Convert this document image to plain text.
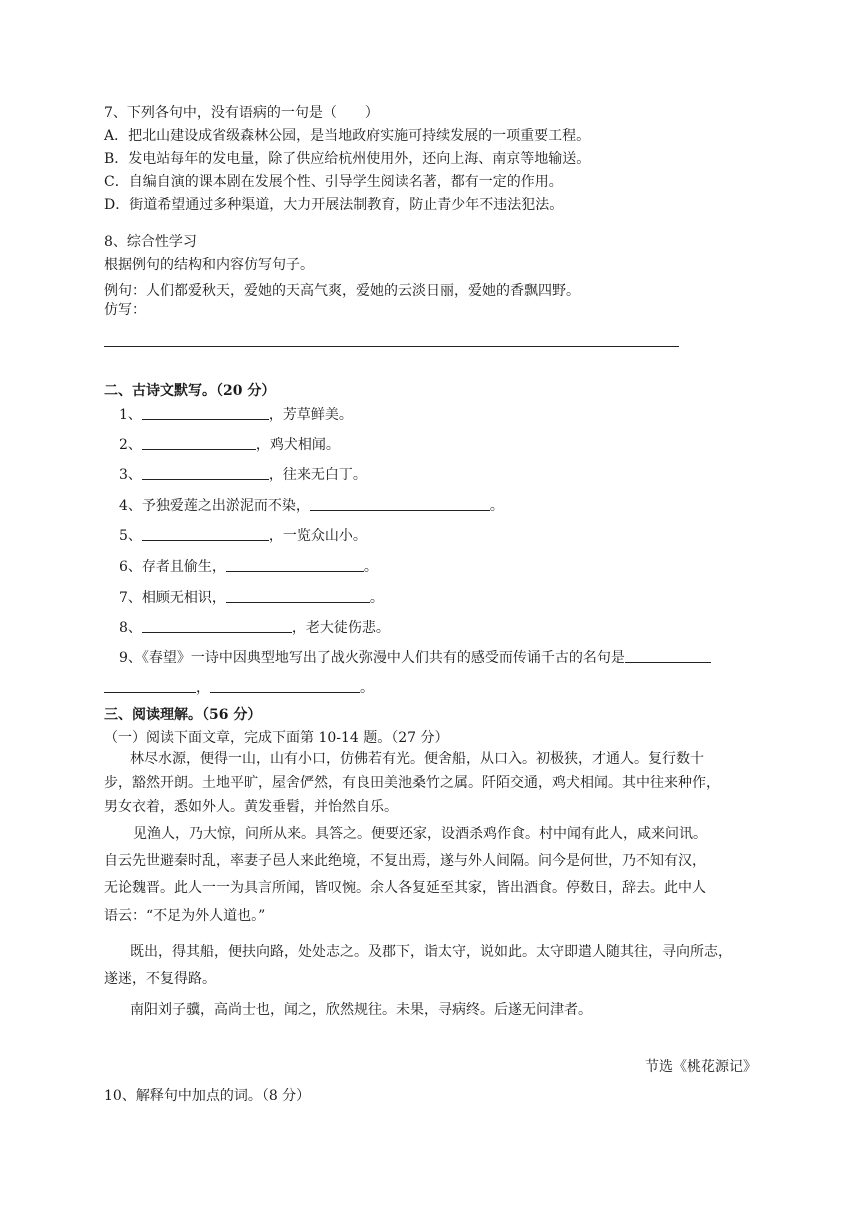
7、下列各句中，没有语病的一句是（　　）
A．把北山建设成省级森林公园，是当地政府实施可持续发展的一项重要工程。
B．发电站每年的发电量，除了供应给杭州使用外，还向上海、南京等地输送。
C．自编自演的课本剧在发展个性、引导学生阅读名著，都有一定的作用。
D．街道希望通过多种渠道，大力开展法制教育，防止青少年不违法犯法。
8、综合性学习
根据例句的结构和内容仿写句子。
例句：人们都爱秋天，爱她的天高气爽，爱她的云淡日丽，爱她的香飘四野。
仿写：
二、古诗文默写。（20 分）
1、	，芳草鲜美。
2、	，鸡犬相闻。
3、	，往来无白丁。
4、予独爱莲之出淤泥而不染，	。
5、	，一览众山小。
6、存者且偷生，	。
7、相顾无相识，	。
8、	，老大徒伤悲。
9、《春望》一诗中因典型地写出了战火弥漫中人们共有的感受而传诵千古的名句是
，	。
三、阅读理解。（56 分）
（一）阅读下面文章，完成下面第 10-14 题。（27 分）
林尽水源，便得一山，山有小口，仿佛若有光。便舍船，从口入。初极狭，才通人。复行数十
步，豁然开朗。土地平旷，屋舍俨然，有良田美池桑竹之属。阡陌交通，鸡犬相闻。其中往来种作，
男女衣着，悉如外人。黄发垂髫，并怡然自乐。
见渔人，乃大惊，问所从来。具答之。便要还家，设酒杀鸡作食。村中闻有此人，咸来问讯。
自云先世避秦时乱，率妻子邑人来此绝境，不复出焉，遂与外人间隔。问今是何世，乃不知有汉，
无论魏晋。此人一一为具言所闻，皆叹惋。余人各复延至其家，皆出酒食。停数日，辞去。此中人
语云：“不足为外人道也。”
既出，得其船，便扶向路，处处志之。及郡下，诣太守，说如此。太守即遣人随其往，寻向所志，
遂迷，不复得路。
南阳刘子骥，高尚士也，闻之，欣然规往。未果，寻病终。后遂无问津者。
节选《桃花源记》
10、解释句中加点的词。（8 分）
